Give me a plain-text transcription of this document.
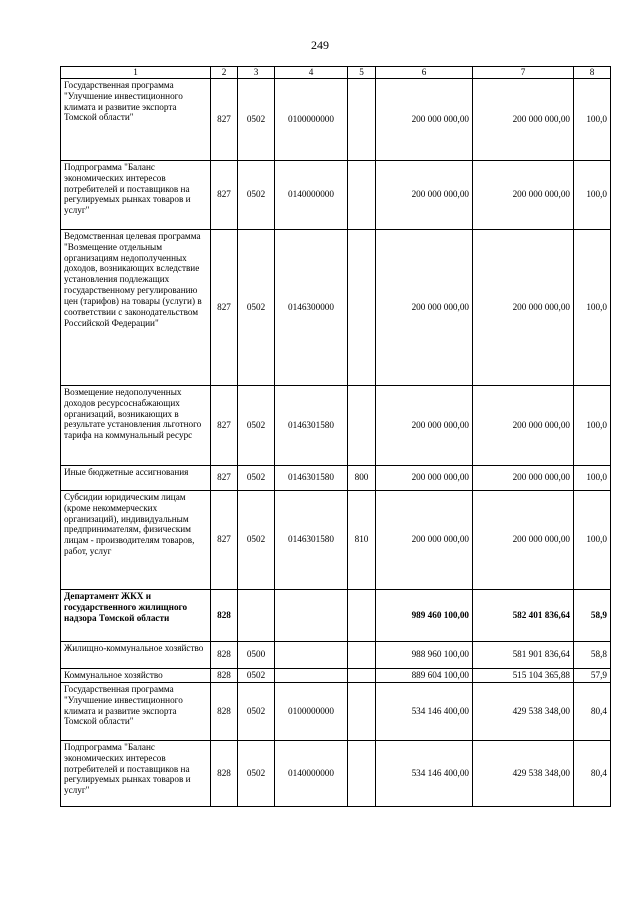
249
1	2	3	4	5	6	7	8
Государственная программа "Улучшение инвестиционного климата и развитие экспорта Томской области"	827	0502	0100000000		200 000 000,00	200 000 000,00	100,0
Подпрограмма "Баланс экономических интересов потребителей и поставщиков на регулируемых рынках товаров и услуг"	827	0502	0140000000		200 000 000,00	200 000 000,00	100,0
Ведомственная целевая программа "Возмещение отдельным организациям недополученных доходов, возникающих вследствие установления подлежащих государственному регулированию цен (тарифов) на товары (услуги) в соответствии с законодательством Российской Федерации"	827	0502	0146300000		200 000 000,00	200 000 000,00	100,0
Возмещение недополученных доходов ресурсоснабжающих организаций, возникающих в результате установления льготного тарифа на коммунальный ресурс	827	0502	0146301580		200 000 000,00	200 000 000,00	100,0
Иные бюджетные ассигнования	827	0502	0146301580	800	200 000 000,00	200 000 000,00	100,0
Субсидии юридическим лицам (кроме некоммерческих организаций), индивидуальным предпринимателям, физическим лицам - производителям товаров, работ, услуг	827	0502	0146301580	810	200 000 000,00	200 000 000,00	100,0
Департамент ЖКХ и государственного жилищного надзора Томской области	828				989 460 100,00	582 401 836,64	58,9
Жилищно-коммунальное хозяйство	828	0500			988 960 100,00	581 901 836,64	58,8
Коммунальное хозяйство	828	0502			889 604 100,00	515 104 365,88	57,9
Государственная программа "Улучшение инвестиционного климата и развитие экспорта Томской области"	828	0502	0100000000		534 146 400,00	429 538 348,00	80,4
Подпрограмма "Баланс экономических интересов потребителей и поставщиков на регулируемых рынках товаров и услуг"	828	0502	0140000000		534 146 400,00	429 538 348,00	80,4
